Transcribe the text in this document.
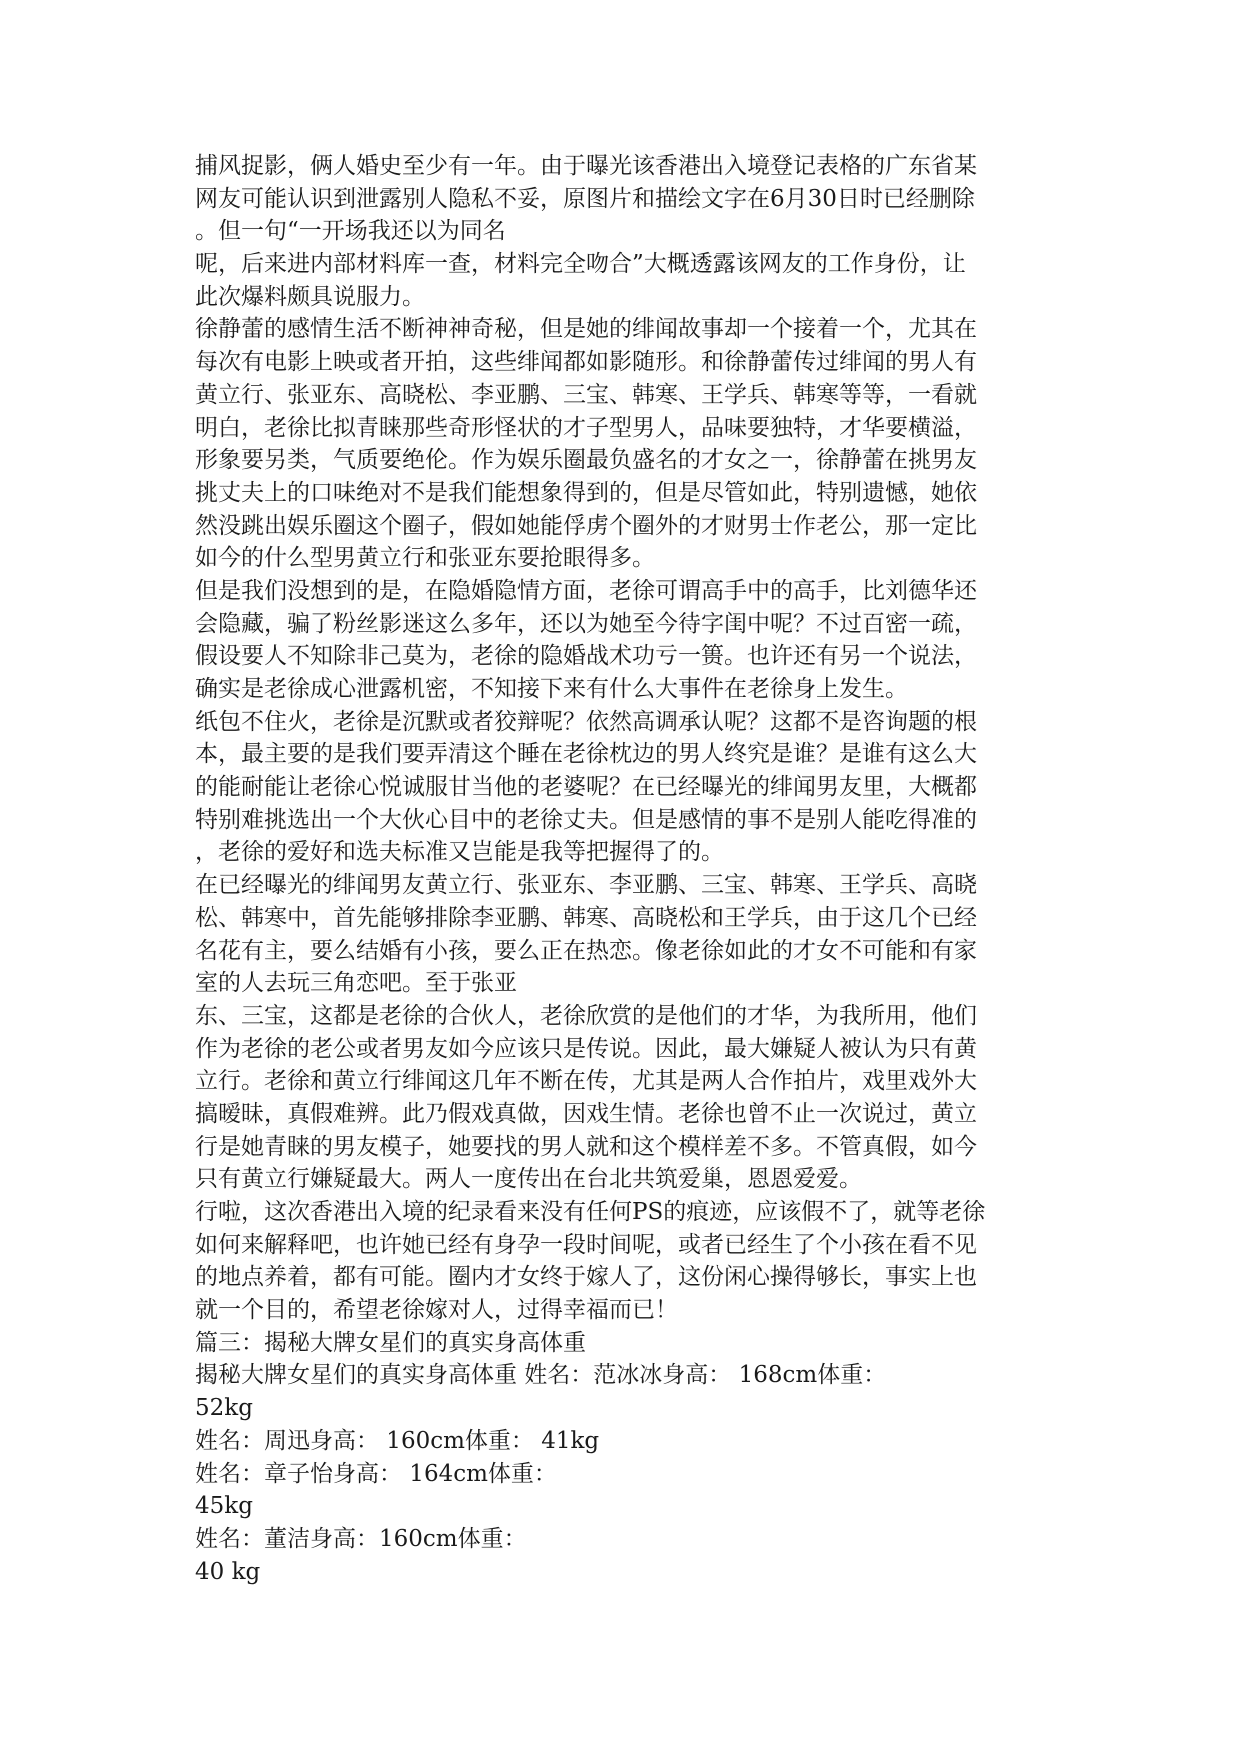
捕风捉影，俩人婚史至少有一年。由于曝光该香港出入境登记表格的广东省某
网友可能认识到泄露别人隐私不妥，原图片和描绘文字在6月30日时已经删除
。但一句“一开场我还以为同名
呢，后来进内部材料库一查，材料完全吻合”大概透露该网友的工作身份，让
此次爆料颇具说服力。
徐静蕾的感情生活不断神神奇秘，但是她的绯闻故事却一个接着一个，尤其在
每次有电影上映或者开拍，这些绯闻都如影随形。和徐静蕾传过绯闻的男人有
黄立行、张亚东、高晓松、李亚鹏、三宝、韩寒、王学兵、韩寒等等，一看就
明白，老徐比拟青睐那些奇形怪状的才子型男人，品味要独特，才华要横溢，
形象要另类，气质要绝伦。作为娱乐圈最负盛名的才女之一，徐静蕾在挑男友
挑丈夫上的口味绝对不是我们能想象得到的，但是尽管如此，特别遗憾，她依
然没跳出娱乐圈这个圈子，假如她能俘虏个圈外的才财男士作老公，那一定比
如今的什么型男黄立行和张亚东要抢眼得多。
但是我们没想到的是，在隐婚隐情方面，老徐可谓高手中的高手，比刘德华还
会隐藏，骗了粉丝影迷这么多年，还以为她至今待字闺中呢？不过百密一疏，
假设要人不知除非己莫为，老徐的隐婚战术功亏一篑。也许还有另一个说法，
确实是老徐成心泄露机密，不知接下来有什么大事件在老徐身上发生。
纸包不住火，老徐是沉默或者狡辩呢？依然高调承认呢？这都不是咨询题的根
本，最主要的是我们要弄清这个睡在老徐枕边的男人终究是谁？是谁有这么大
的能耐能让老徐心悦诚服甘当他的老婆呢？在已经曝光的绯闻男友里，大概都
特别难挑选出一个大伙心目中的老徐丈夫。但是感情的事不是别人能吃得准的
，老徐的爱好和选夫标准又岂能是我等把握得了的。
在已经曝光的绯闻男友黄立行、张亚东、李亚鹏、三宝、韩寒、王学兵、高晓
松、韩寒中，首先能够排除李亚鹏、韩寒、高晓松和王学兵，由于这几个已经
名花有主，要么结婚有小孩，要么正在热恋。像老徐如此的才女不可能和有家
室的人去玩三角恋吧。至于张亚
东、三宝，这都是老徐的合伙人，老徐欣赏的是他们的才华，为我所用，他们
作为老徐的老公或者男友如今应该只是传说。因此，最大嫌疑人被认为只有黄
立行。老徐和黄立行绯闻这几年不断在传，尤其是两人合作拍片，戏里戏外大
搞暧昧，真假难辨。此乃假戏真做，因戏生情。老徐也曾不止一次说过，黄立
行是她青睐的男友模子，她要找的男人就和这个模样差不多。不管真假，如今
只有黄立行嫌疑最大。两人一度传出在台北共筑爱巢，恩恩爱爱。
行啦，这次香港出入境的纪录看来没有任何PS的痕迹，应该假不了，就等老徐
如何来解释吧，也许她已经有身孕一段时间呢，或者已经生了个小孩在看不见
的地点养着，都有可能。圈内才女终于嫁人了，这份闲心操得够长，事实上也
就一个目的，希望老徐嫁对人，过得幸福而已！
篇三：揭秘大牌女星们的真实身高体重
揭秘大牌女星们的真实身高体重 姓名：范冰冰身高： 168cm体重：
52kg
姓名：周迅身高： 160cm体重： 41kg
姓名：章子怡身高： 164cm体重：
45kg
姓名：董洁身高：160cm体重：
40 kg
